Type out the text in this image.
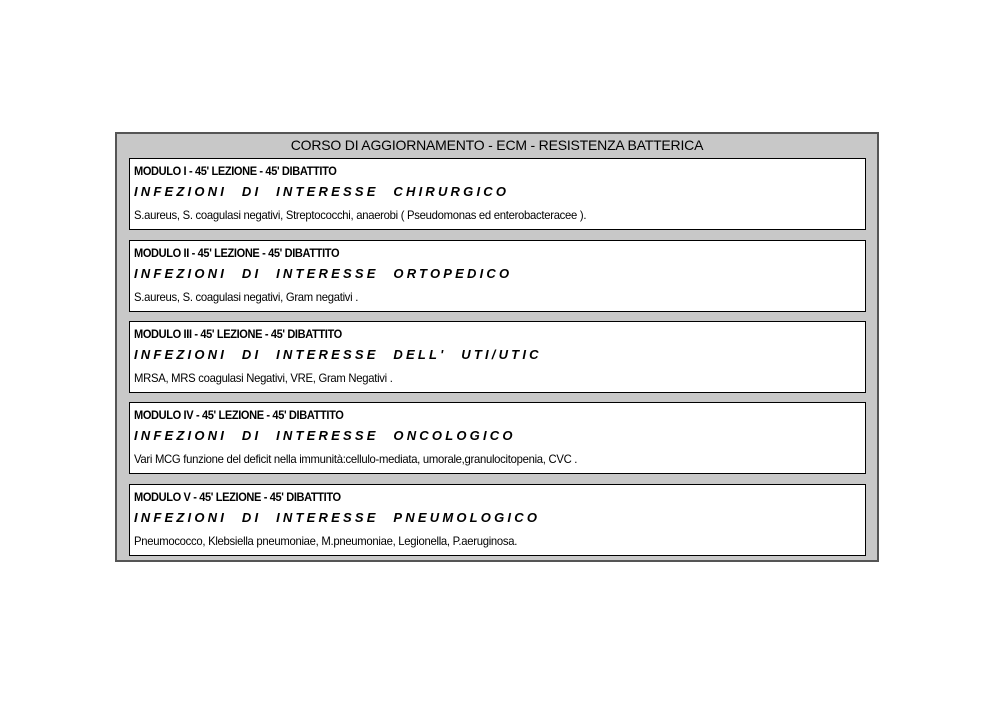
CORSO DI AGGIORNAMENTO - ECM - RESISTENZA BATTERICA
MODULO I - 45' LEZIONE - 45' DIBATTITO
INFEZIONI DI INTERESSE CHIRURGICO
S.aureus, S. coagulasi negativi, Streptococchi, anaerobi ( Pseudomonas ed enterobacteracee ).
MODULO II - 45' LEZIONE - 45' DIBATTITO
INFEZIONI DI INTERESSE ORTOPEDICO
S.aureus, S. coagulasi negativi, Gram negativi .
MODULO III - 45' LEZIONE - 45' DIBATTITO
INFEZIONI DI INTERESSE DELL' UTI/UTIC
MRSA, MRS coagulasi Negativi, VRE, Gram Negativi .
MODULO IV - 45' LEZIONE - 45' DIBATTITO
INFEZIONI DI INTERESSE ONCOLOGICO
Vari MCG funzione del deficit nella immunità:cellulo-mediata, umorale,granulocitopenia, CVC .
MODULO V - 45' LEZIONE - 45' DIBATTITO
INFEZIONI DI INTERESSE PNEUMOLOGICO
Pneumococco, Klebsiella pneumoniae, M.pneumoniae, Legionella, P.aeruginosa.
